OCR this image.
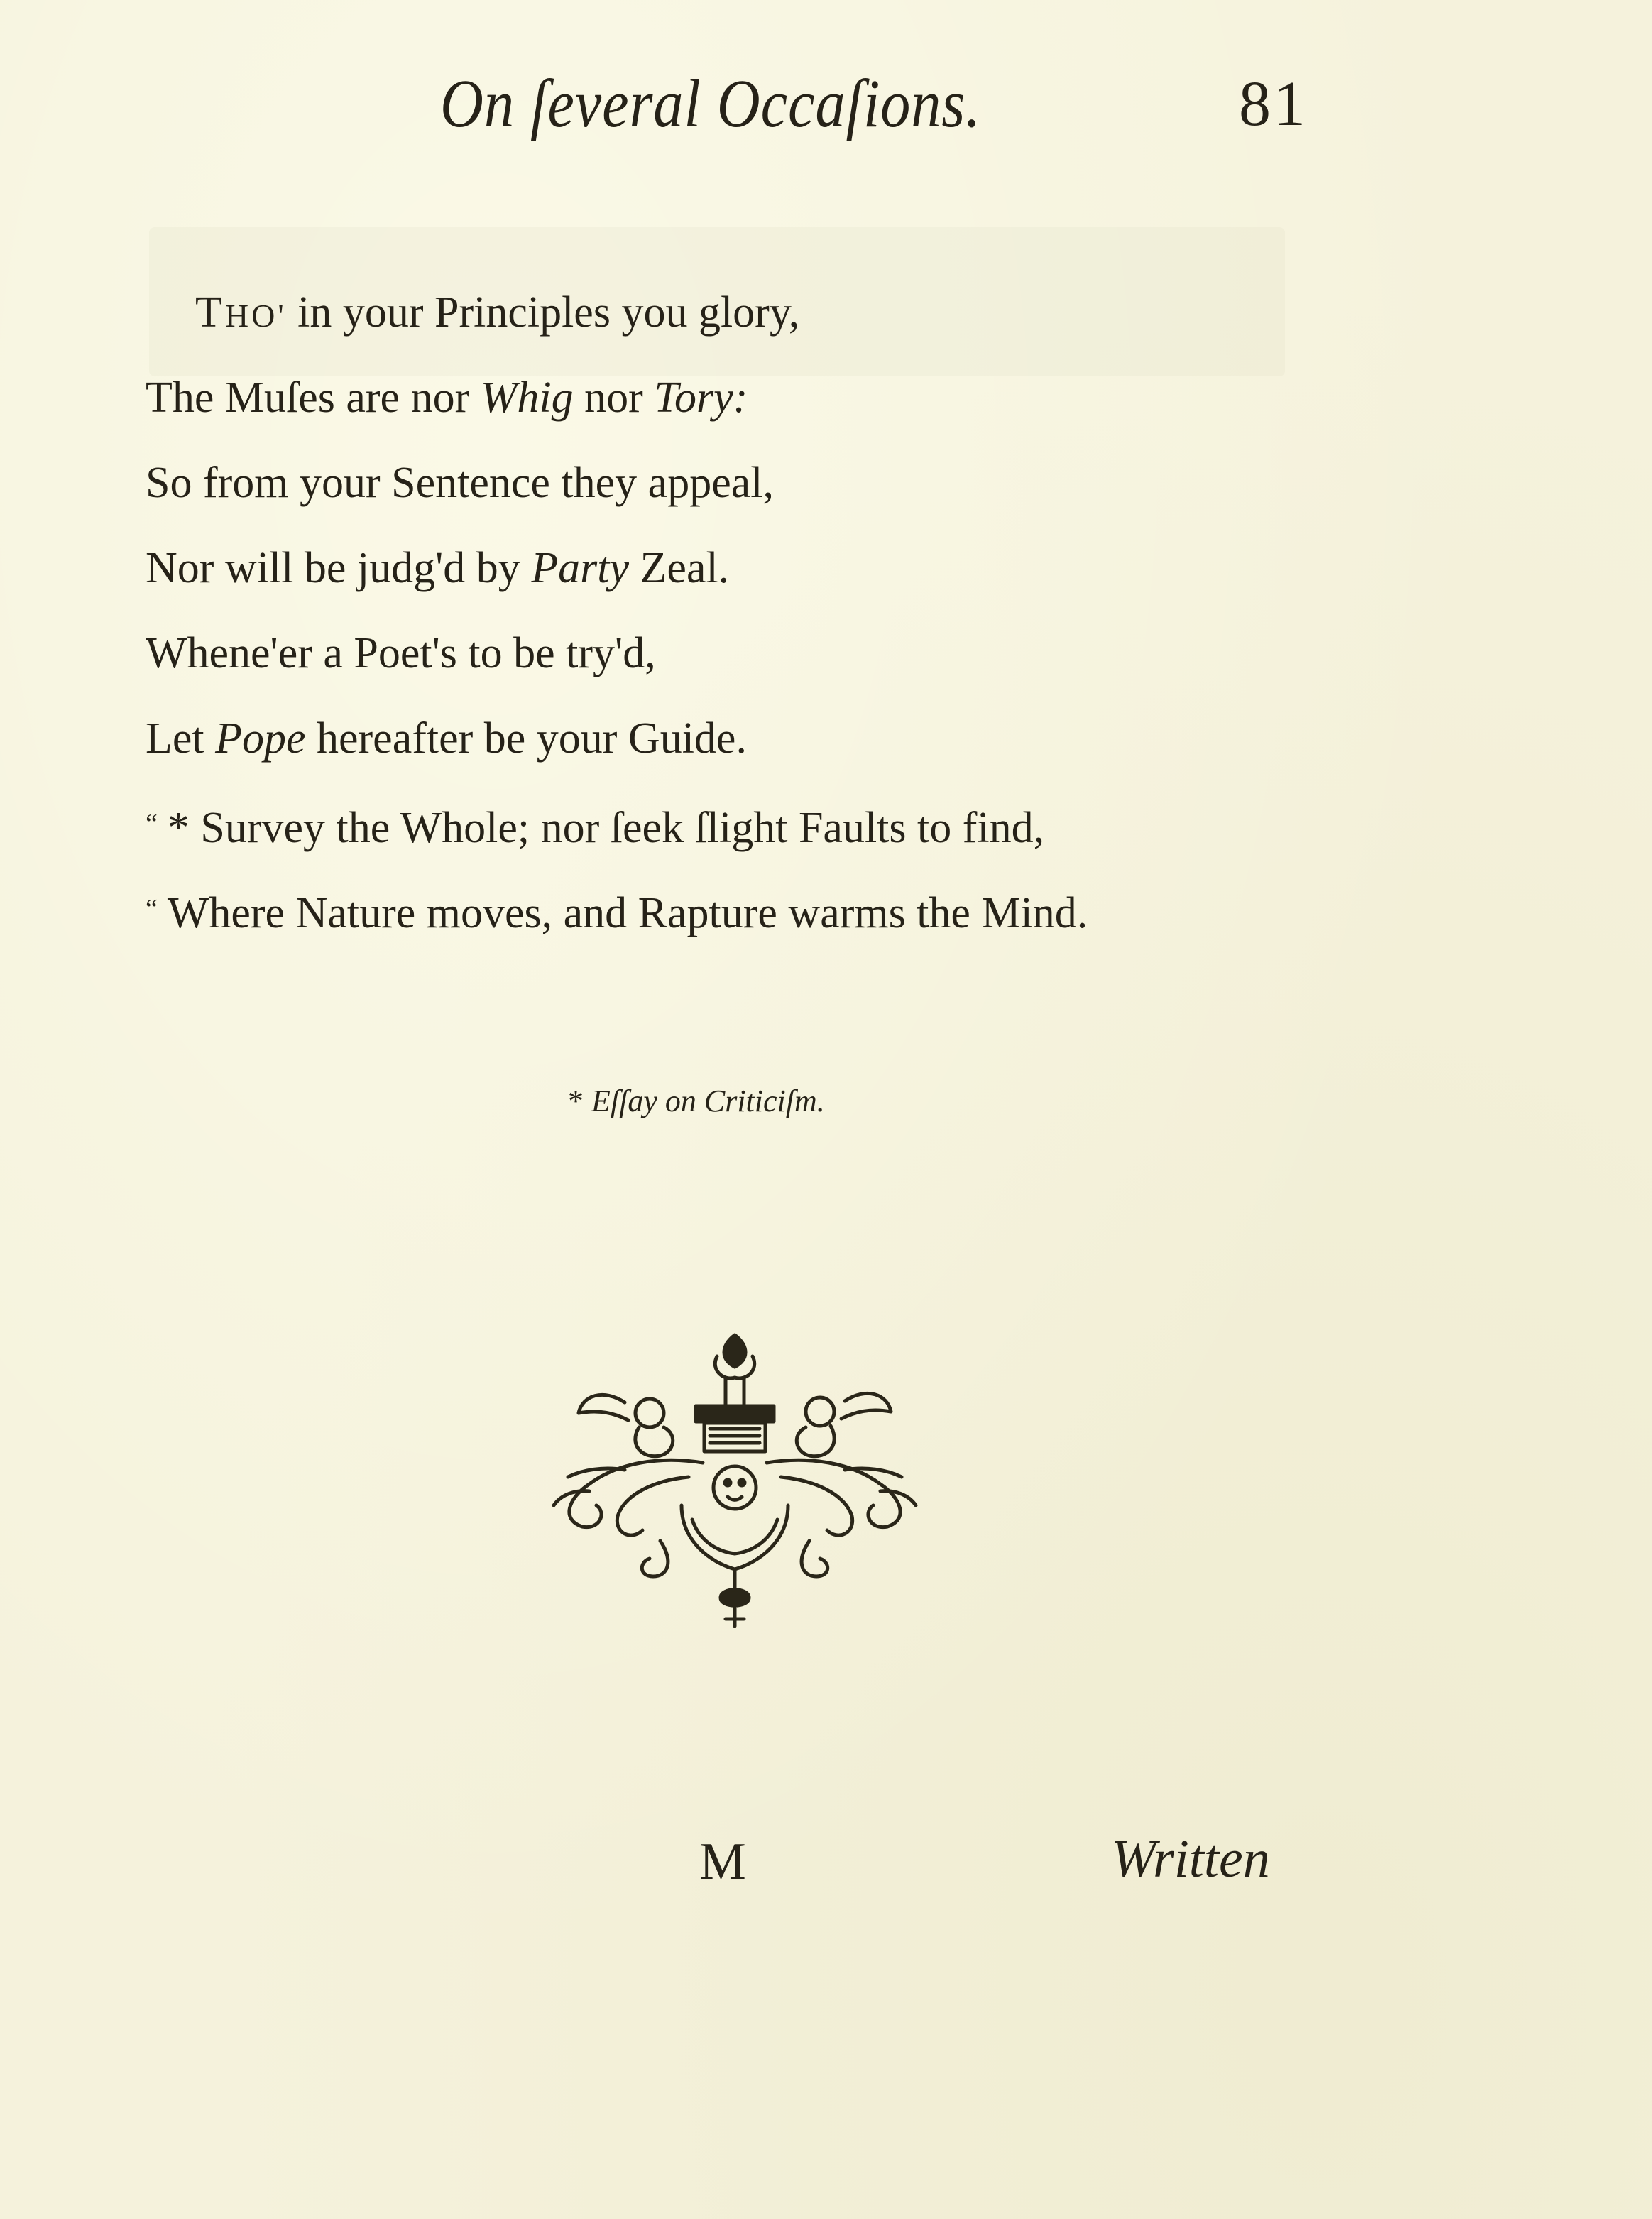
On ſeveral Occaſions.	81
THO' in your Principles you glory,
The Muſes are nor Whig nor Tory:
So from your Sentence they appeal,
Nor will be judg'd by Party Zeal.
Whene'er a Poet's to be try'd,
Let Pope hereafter be your Guide.
“ * Survey the Whole; nor ſeek ſlight Faults to find,
“ Where Nature moves, and Rapture warms the Mind.
* Eſſay on Criticiſm.
M	Written
